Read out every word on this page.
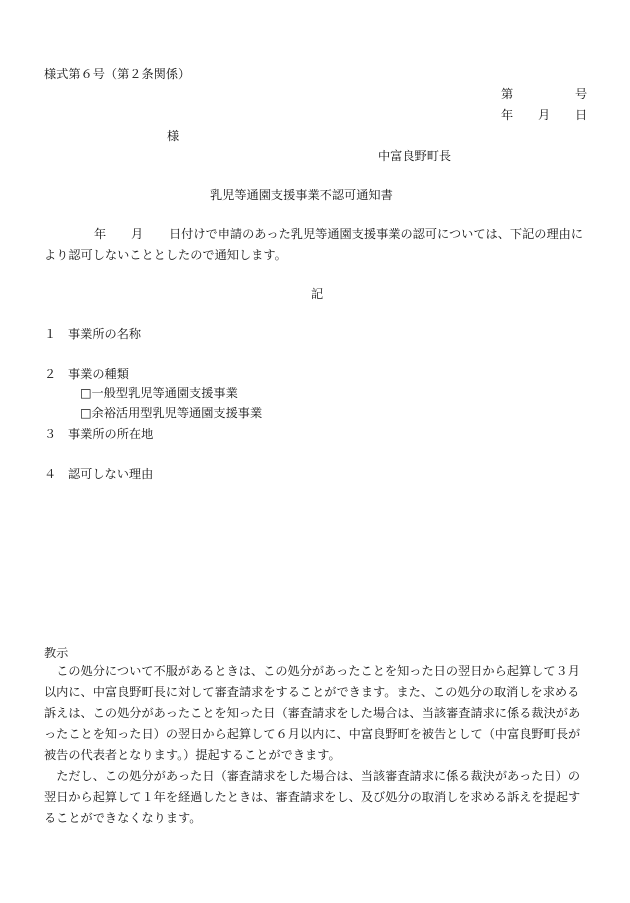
様式第６号（第２条関係）
第	号
年 月 日
様
中富良野町長
乳児等通園支援事業不認可通知書
年 月 日付けで申請のあった乳児等通園支援事業の認可については、下記の理由に
より認可しないこととしたので通知します。
記
１ 事業所の名称
２ 事業の種類
□一般型乳児等通園支援事業
□余裕活用型乳児等通園支援事業
３ 事業所の所在地
４ 認可しない理由
教示
この処分について不服があるときは、この処分があったことを知った日の翌日から起算して３月
以内に、中富良野町長に対して審査請求をすることができます。また、この処分の取消しを求める
訴えは、この処分があったことを知った日（審査請求をした場合は、当該審査請求に係る裁決があ
ったことを知った日）の翌日から起算して６月以内に、中富良野町を被告として（中富良野町長が
被告の代表者となります。）提起することができます。
ただし、この処分があった日（審査請求をした場合は、当該審査請求に係る裁決があった日）の
翌日から起算して１年を経過したときは、審査請求をし、及び処分の取消しを求める訴えを提起す
ることができなくなります。
